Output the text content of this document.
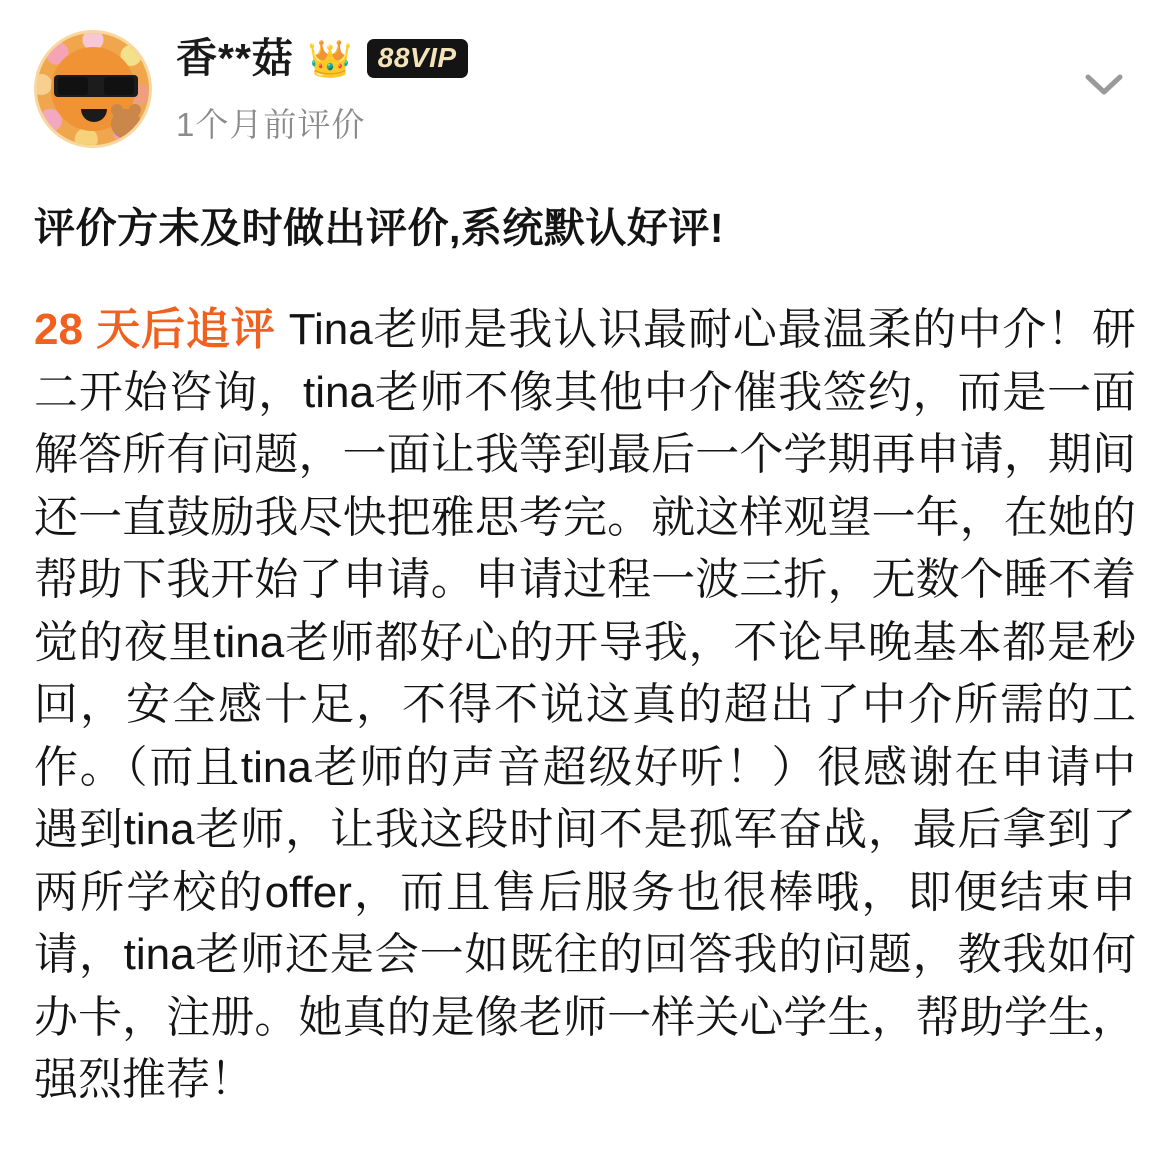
香**菇 👑 88VIP
1个月前评价
评价方未及时做出评价,系统默认好评!
28 天后追评 Tina老师是我认识最耐心最温柔的中介！研二开始咨询，tina老师不像其他中介催我签约，而是一面解答所有问题，一面让我等到最后一个学期再申请，期间还一直鼓励我尽快把雅思考完。就这样观望一年，在她的帮助下我开始了申请。申请过程一波三折，无数个睡不着觉的夜里tina老师都好心的开导我，不论早晚基本都是秒回，安全感十足，不得不说这真的超出了中介所需的工作。（而且tina老师的声音超级好听！）很感谢在申请中遇到tina老师，让我这段时间不是孤军奋战，最后拿到了两所学校的offer，而且售后服务也很棒哦，即便结束申请，tina老师还是会一如既往的回答我的问题，教我如何办卡，注册。她真的是像老师一样关心学生，帮助学生，强烈推荐！
